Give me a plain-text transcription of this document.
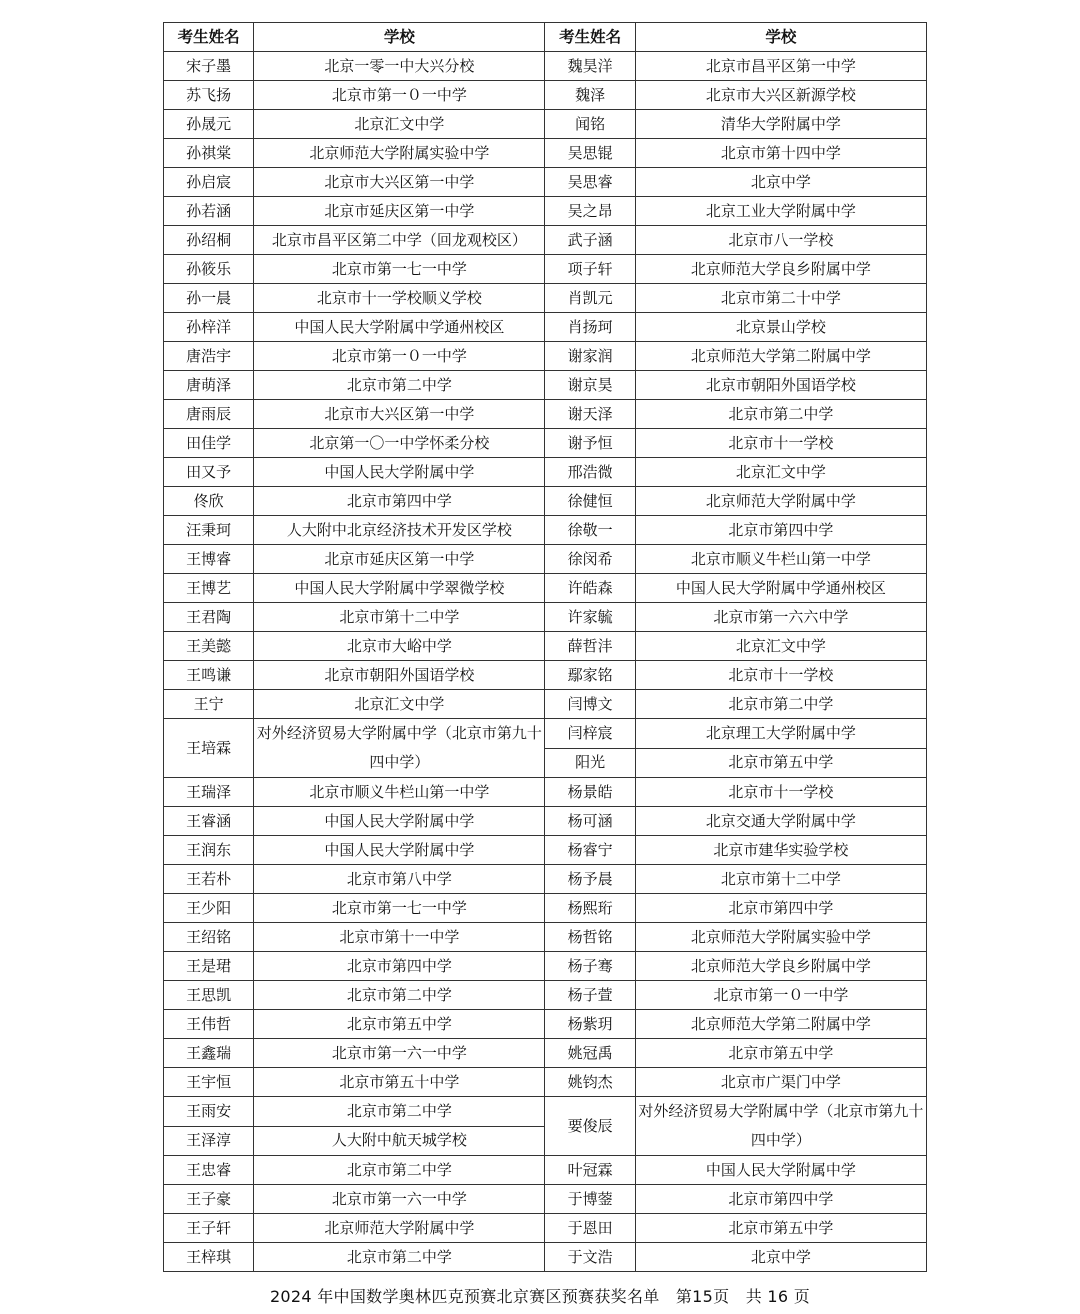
考生姓名	学校	考生姓名	学校
宋子墨	北京一零一中大兴分校	魏昊洋	北京市昌平区第一中学
苏飞扬	北京市第一０一中学	魏泽	北京市大兴区新源学校
孙晟元	北京汇文中学	闻铭	清华大学附属中学
孙祺棠	北京师范大学附属实验中学	吴思锟	北京市第十四中学
孙启宸	北京市大兴区第一中学	吴思睿	北京中学
孙若涵	北京市延庆区第一中学	吴之昂	北京工业大学附属中学
孙绍桐	北京市昌平区第二中学（回龙观校区）	武子涵	北京市八一学校
孙筱乐	北京市第一七一中学	项子轩	北京师范大学良乡附属中学
孙一晨	北京市十一学校顺义学校	肖凯元	北京市第二十中学
孙梓洋	中国人民大学附属中学通州校区	肖扬珂	北京景山学校
唐浩宇	北京市第一０一中学	谢家润	北京师范大学第二附属中学
唐萌泽	北京市第二中学	谢京昊	北京市朝阳外国语学校
唐雨辰	北京市大兴区第一中学	谢天泽	北京市第二中学
田佳学	北京第一〇一中学怀柔分校	谢予恒	北京市十一学校
田又予	中国人民大学附属中学	邢浩微	北京汇文中学
佟欣	北京市第四中学	徐健恒	北京师范大学附属中学
汪秉珂	人大附中北京经济技术开发区学校	徐敬一	北京市第四中学
王博睿	北京市延庆区第一中学	徐闵希	北京市顺义牛栏山第一中学
王博艺	中国人民大学附属中学翠微学校	许皓森	中国人民大学附属中学通州校区
王君陶	北京市第十二中学	许家毓	北京市第一六六中学
王美懿	北京市大峪中学	薛哲沣	北京汇文中学
王鸣谦	北京市朝阳外国语学校	鄢家铭	北京市十一学校
王宁	北京汇文中学	闫博文	北京市第二中学
王培霖	对外经济贸易大学附属中学（北京市第九十四中学）	闫梓宸	北京理工大学附属中学
		阳光	北京市第五中学
王瑞泽	北京市顺义牛栏山第一中学	杨景皓	北京市十一学校
王睿涵	中国人民大学附属中学	杨可涵	北京交通大学附属中学
王润东	中国人民大学附属中学	杨睿宁	北京市建华实验学校
王若朴	北京市第八中学	杨予晨	北京市第十二中学
王少阳	北京市第一七一中学	杨熙珩	北京市第四中学
王绍铭	北京市第十一中学	杨哲铭	北京师范大学附属实验中学
王是珺	北京市第四中学	杨子骞	北京师范大学良乡附属中学
王思凯	北京市第二中学	杨子萱	北京市第一０一中学
王伟哲	北京市第五中学	杨紫玥	北京师范大学第二附属中学
王鑫瑞	北京市第一六一中学	姚冠禹	北京市第五中学
王宇恒	北京市第五十中学	姚钧杰	北京市广渠门中学
王雨安	北京市第二中学	要俊辰	对外经济贸易大学附属中学（北京市第九十四中学）
王泽淳	人大附中航天城学校		
王忠睿	北京市第二中学	叶冠霖	中国人民大学附属中学
王子豪	北京市第一六一中学	于博蓥	北京市第四中学
王子轩	北京师范大学附属中学	于恩田	北京市第五中学
王梓琪	北京市第二中学	于文浩	北京中学
2024 年中国数学奥林匹克预赛北京赛区预赛获奖名单　第15页　共 16 页
